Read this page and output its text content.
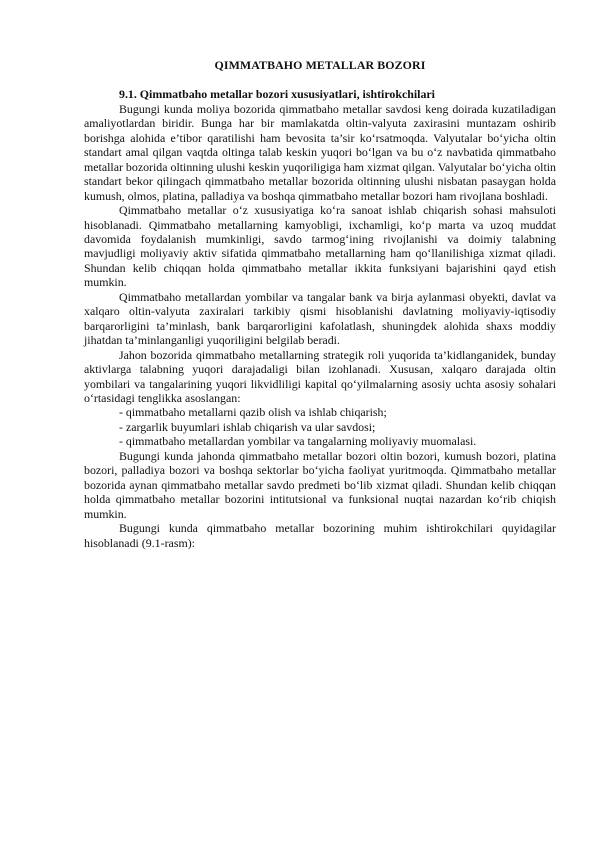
QIMMATBAHO METALLAR BOZORI
9.1. Qimmatbaho metallar bozori xususiyatlari, ishtirokchilari

Bugungi kunda moliya bozorida qimmatbaho metallar savdosi keng doirada kuzatiladigan amaliyotlardan biridir. Bunga har bir mamlakatda oltin-valyuta zaxirasini muntazam oshirib borishga alohida e’tibor qaratilishi ham bevosita ta’sir ko‘rsatmoqda. Valyutalar bo‘yicha oltin standart amal qilgan vaqtda oltinga talab keskin yuqori bo‘lgan va bu o‘z navbatida qimmatbaho metallar bozorida oltinning ulushi keskin yuqoriligiga ham xizmat qilgan. Valyutalar bo‘yicha oltin standart bekor qilingach qimmatbaho metallar bozorida oltinning ulushi nisbatan pasaygan holda kumush, olmos, platina, palladiya va boshqa qimmatbaho metallar bozori ham rivojlana boshladi.

Qimmatbaho metallar o‘z xususiyatiga ko‘ra sanoat ishlab chiqarish sohasi mahsuloti hisoblanadi. Qimmatbaho metallarning kamyobligi, ixchamligi, ko‘p marta va uzoq muddat davomida foydalanish mumkinligi, savdo tarmog‘ining rivojlanishi va doimiy talabning mavjudligi moliyaviy aktiv sifatida qimmatbaho metallarning ham qo‘llanilishiga xizmat qiladi. Shundan kelib chiqqan holda qimmatbaho metallar ikkita funksiyani bajarishini qayd etish mumkin.

Qimmatbaho metallardan yombilar va tangalar bank va birja aylanmasi obyekti, davlat va xalqaro oltin-valyuta zaxiralari tarkibiy qismi hisoblanishi davlatning moliyaviy-iqtisodiy barqarorligini ta’minlash, bank barqarorligini kafolatlash, shuningdek alohida shaxs moddiy jihatdan ta’minlanganligi yuqoriligini belgilab beradi.

Jahon bozorida qimmatbaho metallarning strategik roli yuqorida ta’kidlanganidek, bunday aktivlarga talabning yuqori darajadaligi bilan izohlanadi. Xususan, xalqaro darajada oltin yombilari va tangalarining yuqori likvidliligi kapital qo‘yilmalarning asosiy uchta asosiy sohalari o‘rtasidagi tenglikka asoslangan:

- qimmatbaho metallarni qazib olish va ishlab chiqarish;
- zargarlik buyumlari ishlab chiqarish va ular savdosi;
- qimmatbaho metallardan yombilar va tangalarning moliyaviy muomalasi.

Bugungi kunda jahonda qimmatbaho metallar bozori oltin bozori, kumush bozori, platina bozori, palladiya bozori va boshqa sektorlar bo‘yicha faoliyat yuritmoqda. Qimmatbaho metallar bozorida aynan qimmatbaho metallar savdo predmeti bo‘lib xizmat qiladi. Shundan kelib chiqqan holda qimmatbaho metallar bozorini intitutsional va funksional nuqtai nazardan ko‘rib chiqish mumkin.

Bugungi kunda qimmatbaho metallar bozorining muhim ishtirokchilari quyidagilar hisoblanadi (9.1-rasm):
